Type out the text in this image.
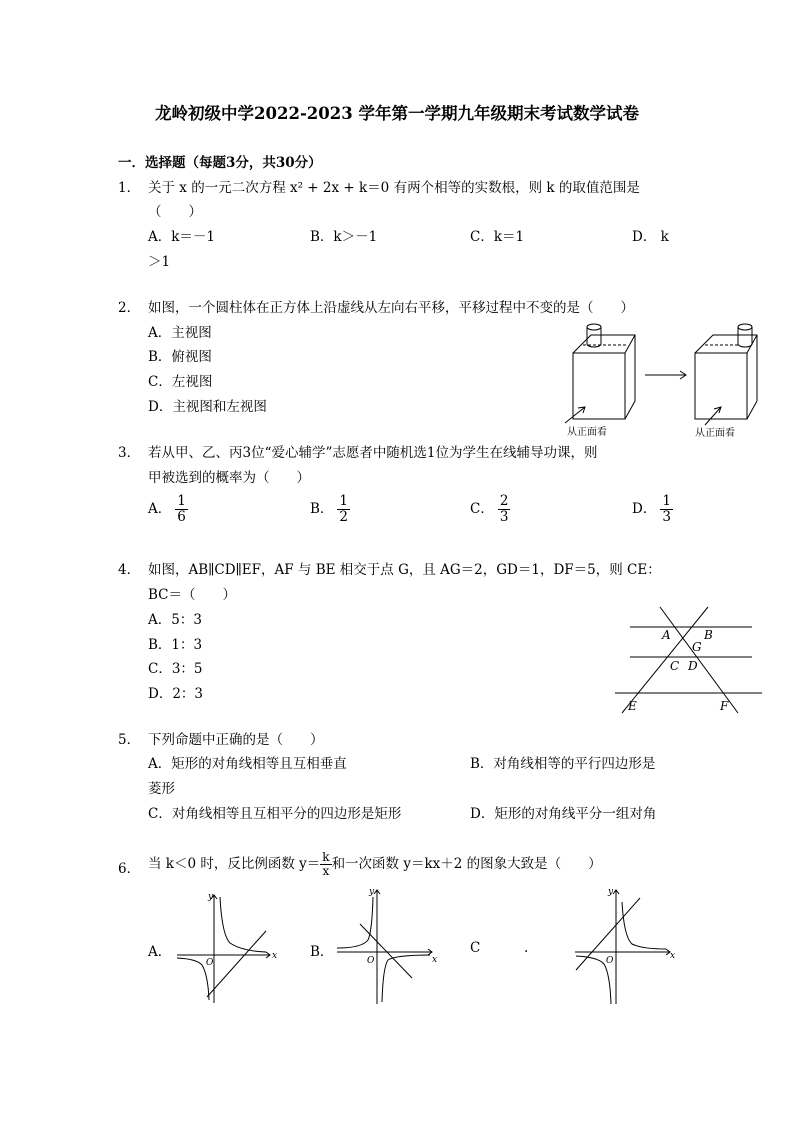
龙岭初级中学2022-2023 学年第一学期九年级期末考试数学试卷
一．选择题（每题3分，共30分）
1． 关于 x 的一元二次方程 x² + 2x + k＝0 有两个相等的实数根，则 k 的取值范围是
（　　）
A．k＝－1	B．k＞－1	C．k＝1	D． k
＞1
2． 如图，一个圆柱体在正方体上沿虚线从左向右平移，平移过程中不变的是（　　）
A．主视图
B．俯视图
C．左视图
D．主视图和左视图
从正面看	从正面看
3． 若从甲、乙、丙3位“爱心辅学”志愿者中随机选1位为学生在线辅导功课，则
甲被选到的概率为（　　）
A． $\frac{1}{6}$	B． $\frac{1}{2}$	C． $\frac{2}{3}$	D． $\frac{1}{3}$
4． 如图，AB∥CD∥EF，AF 与 BE 相交于点 G，且 AG＝2，GD＝1，DF＝5，则 CE：
BC＝（　　）
A．5：3
B．1：3
C．3：5
D．2：3
A	B
G
C D
E	F
5． 下列命题中正确的是（　　）
A．矩形的对角线相等且互相垂直	B．对角线相等的平行四边形是
菱形
C．对角线相等且互相平分的四边形是矩形	D．矩形的对角线平分一组对角
6． 当 k＜0 时，反比例函数 $y= \frac{k}{x}$ 和一次函数 y＝kx＋2 的图象大致是（　　）
A．	B．	C	.
x
y
O	x
y
O	x
y
O
